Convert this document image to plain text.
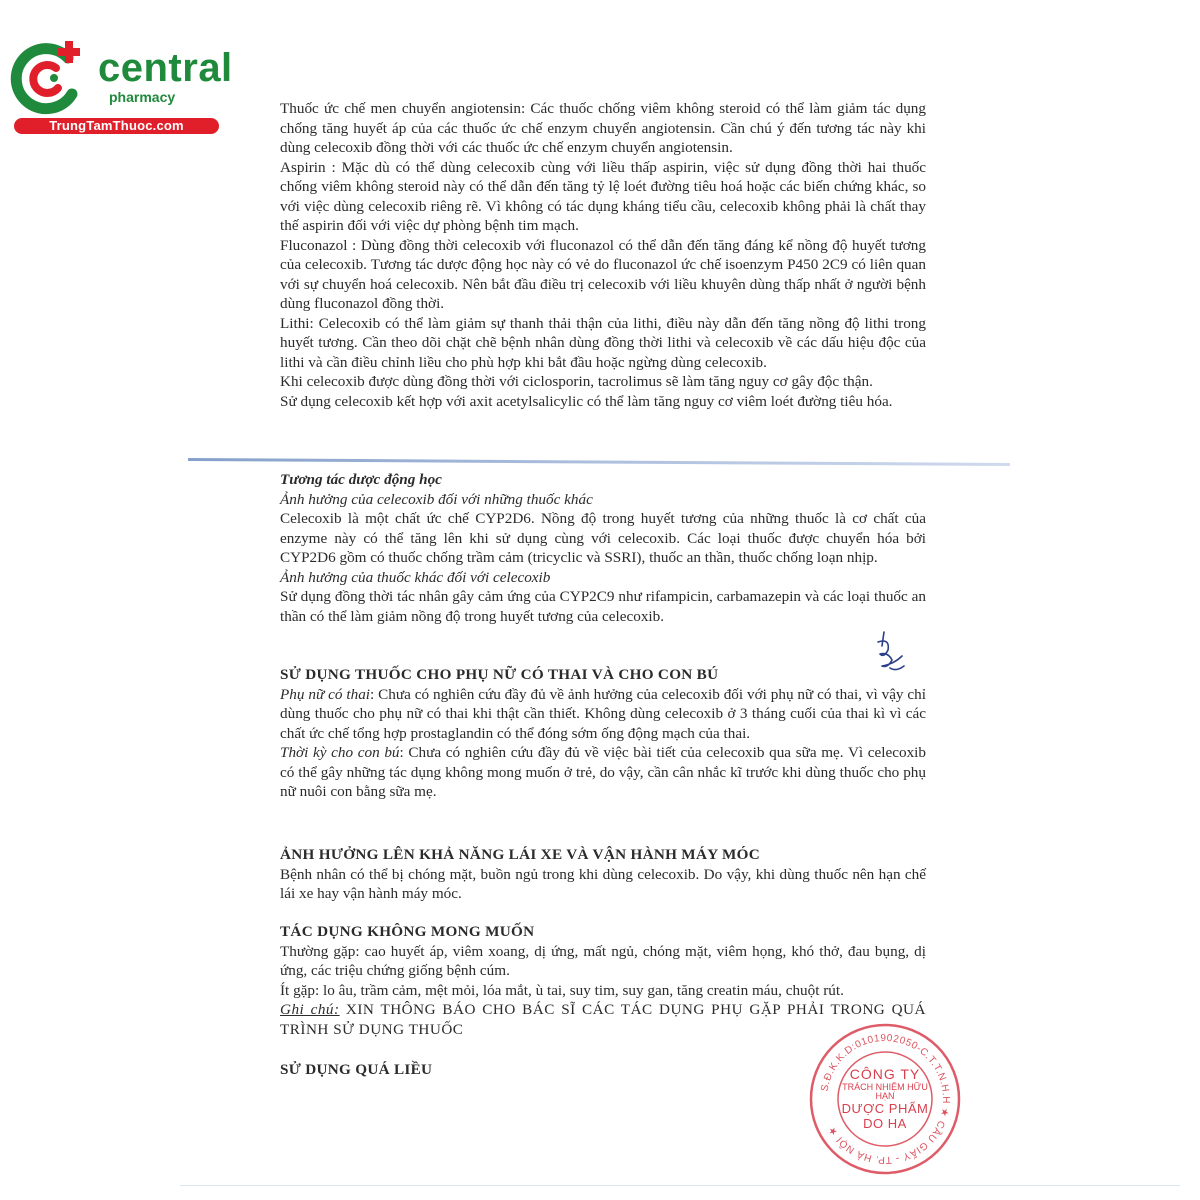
central
pharmacy
TrungTamThuoc.com

Thuốc ức chế men chuyển angiotensin: Các thuốc chống viêm không steroid có thể làm giảm tác dụng chống tăng huyết áp của các thuốc ức chế enzym chuyển angiotensin. Cần chú ý đến tương tác này khi dùng celecoxib đồng thời với các thuốc ức chế enzym chuyển angiotensin.

Aspirin : Mặc dù có thể dùng celecoxib cùng với liều thấp aspirin, việc sử dụng đồng thời hai thuốc chống viêm không steroid này có thể dẫn đến tăng tỷ lệ loét đường tiêu hoá hoặc các biến chứng khác, so với việc dùng celecoxib riêng rẽ. Vì không có tác dụng kháng tiểu cầu, celecoxib không phải là chất thay thế aspirin đối với việc dự phòng bệnh tim mạch.

Fluconazol : Dùng đồng thời celecoxib với fluconazol có thể dẫn đến tăng đáng kể nồng độ huyết tương của celecoxib. Tương tác dược động học này có vẻ do fluconazol ức chế isoenzym P450 2C9 có liên quan với sự chuyển hoá celecoxib. Nên bắt đầu điều trị celecoxib với liều khuyên dùng thấp nhất ở người bệnh dùng fluconazol đồng thời.

Lithi: Celecoxib có thể làm giảm sự thanh thải thận của lithi, điều này dẫn đến tăng nồng độ lithi trong huyết tương. Cần theo dõi chặt chẽ bệnh nhân dùng đồng thời lithi và celecoxib về các dấu hiệu độc của lithi và cần điều chỉnh liều cho phù hợp khi bắt đầu hoặc ngừng dùng celecoxib.

Khi celecoxib được dùng đồng thời với ciclosporin, tacrolimus sẽ làm tăng nguy cơ gây độc thận.

Sử dụng celecoxib kết hợp với axit acetylsalicylic có thể làm tăng nguy cơ viêm loét đường tiêu hóa.

Tương tác dược động học

Ảnh hưởng của celecoxib đối với những thuốc khác

Celecoxib là một chất ức chế CYP2D6. Nồng độ trong huyết tương của những thuốc là cơ chất của enzyme này có thể tăng lên khi sử dụng cùng với celecoxib. Các loại thuốc được chuyển hóa bởi CYP2D6 gồm có thuốc chống trầm cảm (tricyclic và SSRI), thuốc an thần, thuốc chống loạn nhịp.

Ảnh hưởng của thuốc khác đối với celecoxib

Sử dụng đồng thời tác nhân gây cảm ứng của CYP2C9 như rifampicin, carbamazepin và các loại thuốc an thần có thể làm giảm nồng độ trong huyết tương của celecoxib.

SỬ DỤNG THUỐC CHO PHỤ NỮ CÓ THAI VÀ CHO CON BÚ

Phụ nữ có thai: Chưa có nghiên cứu đầy đủ về ảnh hưởng của celecoxib đối với phụ nữ có thai, vì vậy chỉ dùng thuốc cho phụ nữ có thai khi thật cần thiết. Không dùng celecoxib ở 3 tháng cuối của thai kì vì các chất ức chế tổng hợp prostaglandin có thể đóng sớm ống động mạch của thai.

Thời kỳ cho con bú: Chưa có nghiên cứu đầy đủ về việc bài tiết của celecoxib qua sữa mẹ. Vì celecoxib có thể gây những tác dụng không mong muốn ở trẻ, do vậy, cần cân nhắc kĩ trước khi dùng thuốc cho phụ nữ nuôi con bằng sữa mẹ.

ẢNH HƯỞNG LÊN KHẢ NĂNG LÁI XE VÀ VẬN HÀNH MÁY MÓC

Bệnh nhân có thể bị chóng mặt, buồn ngủ trong khi dùng celecoxib. Do vậy, khi dùng thuốc nên hạn chế lái xe hay vận hành máy móc.

TÁC DỤNG KHÔNG MONG MUỐN

Thường gặp: cao huyết áp, viêm xoang, dị ứng, mất ngủ, chóng mặt, viêm họng, khó thở, đau bụng, dị ứng, các triệu chứng giống bệnh cúm.

Ít gặp: lo âu, trầm cảm, mệt mỏi, lóa mắt, ù tai, suy tim, suy gan, tăng creatin máu, chuột rút.

Ghi chú: XIN THÔNG BÁO CHO BÁC SĨ CÁC TÁC DỤNG PHỤ GẶP PHẢI TRONG QUÁ TRÌNH SỬ DỤNG THUỐC

SỬ DỤNG QUÁ LIỀU

S.Đ.K.K.D:0101902050-C.T.T.N.H.H ★ CẦU GIẤY - TP. HÀ NỘI ★
CÔNG TY
TRÁCH NHIỆM HỮU HẠN
DƯỢC PHẨM
DO HA
